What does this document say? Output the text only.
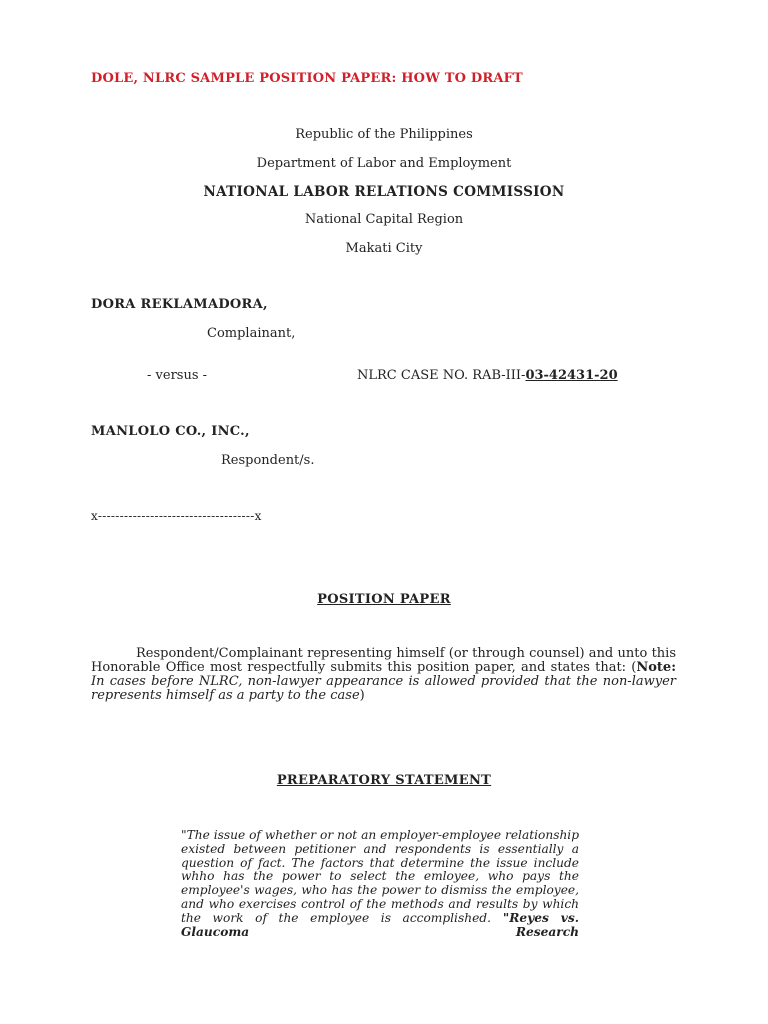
DOLE, NLRC SAMPLE POSITION PAPER: HOW TO DRAFT
Republic of the Philippines
Department of Labor and Employment
NATIONAL LABOR RELATIONS COMMISSION
National Capital Region
Makati City
DORA REKLAMADORA,
Complainant,
- versus -	NLRC CASE NO. RAB-III-03-42431-20
MANLOLO CO., INC.,
Respondent/s.
x------------------------------------x
POSITION PAPER
Respondent/Complainant representing himself (or through counsel) and unto this Honorable Office most respectfully submits this position paper, and states that: (Note: In cases before NLRC, non-lawyer appearance is allowed provided that the non-lawyer represents himself as a party to the case)
PREPARATORY STATEMENT
"The issue of whether or not an employer-employee relationship existed between petitioner and respondents is essentially a question of fact. The factors that determine the issue include whho has the power to select the emloyee, who pays the employee's wages, who has the power to dismiss the employee, and who exercises control of the methods and results by which the work of the employee is accomplished. "Reyes vs. Glaucoma Research
